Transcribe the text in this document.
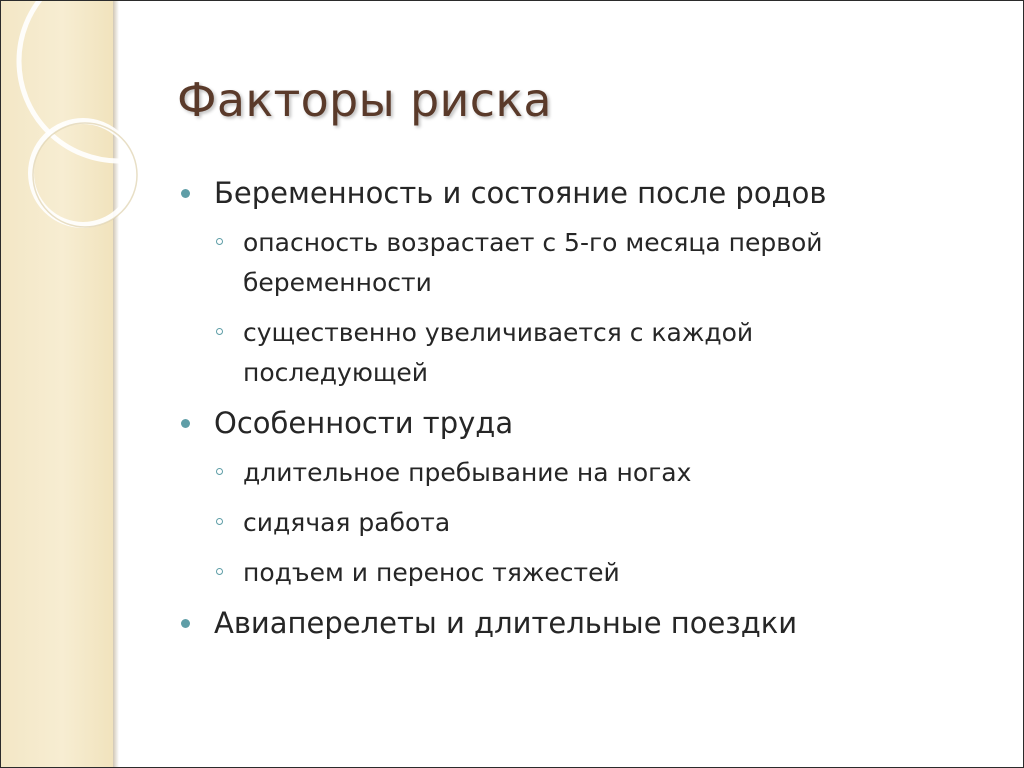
Факторы риска
Беременность и состояние после родов
опасность возрастает с 5-го месяца первой беременности
существенно увеличивается с каждой последующей
Особенности труда
длительное пребывание на ногах
сидячая работа
подъем и перенос тяжестей
Авиаперелеты и длительные поездки
